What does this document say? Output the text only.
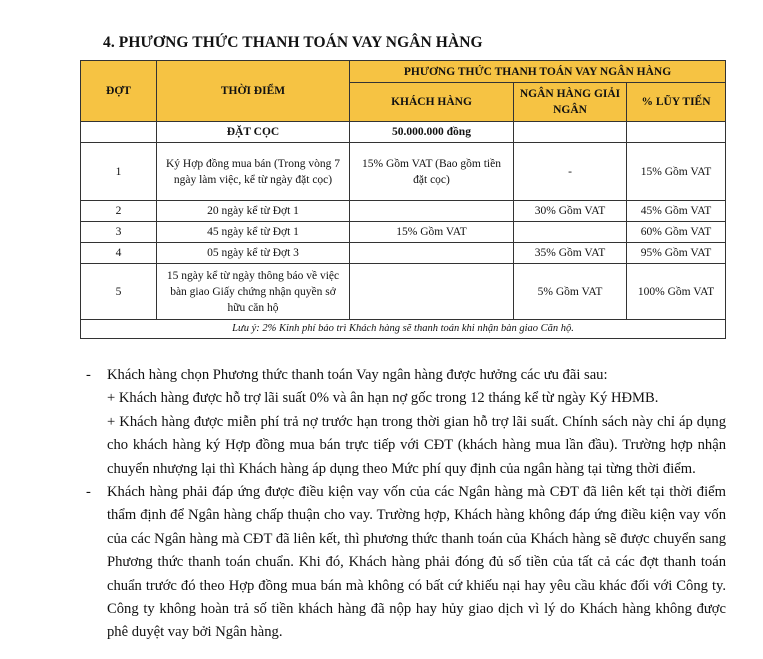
4. PHƯƠNG THỨC THANH TOÁN VAY NGÂN HÀNG
ĐỢT	THỜI ĐIỂM	PHƯƠNG THỨC THANH TOÁN VAY NGÂN HÀNG		
		KHÁCH HÀNG	NGÂN HÀNG GIẢI NGÂN	% LŨY TIẾN
	ĐẶT CỌC	50.000.000 đồng		
1	Ký Hợp đồng mua bán (Trong vòng 7 ngày làm việc, kể từ ngày đặt cọc)	15% Gồm VAT (Bao gồm tiền đặt cọc)	-	15% Gồm VAT
2	20 ngày kể từ Đợt 1		30% Gồm VAT	45% Gồm VAT
3	45 ngày kể từ Đợt 1	15% Gồm VAT		60% Gồm VAT
4	05 ngày kể từ Đợt 3		35% Gồm VAT	95% Gồm VAT
5	15 ngày kể từ ngày thông báo về việc bàn giao Giấy chứng nhận quyền sở hữu căn hộ		5% Gồm VAT	100% Gồm VAT
Lưu ý: 2% Kinh phí bảo trì Khách hàng sẽ thanh toán khi nhận bàn giao Căn hộ.				
- Khách hàng chọn Phương thức thanh toán Vay ngân hàng được hưởng các ưu đãi sau:

+ Khách hàng được hỗ trợ lãi suất 0% và ân hạn nợ gốc trong 12 tháng kể từ ngày Ký HĐMB.

+ Khách hàng được miễn phí trả nợ trước hạn trong thời gian hỗ trợ lãi suất. Chính sách này chỉ áp dụng cho khách hàng ký Hợp đồng mua bán trực tiếp với CĐT (khách hàng mua lần đầu). Trường hợp nhận chuyển nhượng lại thì Khách hàng áp dụng theo Mức phí quy định của ngân hàng tại từng thời điểm.

- Khách hàng phải đáp ứng được điều kiện vay vốn của các Ngân hàng mà CĐT đã liên kết tại thời điểm thẩm định để Ngân hàng chấp thuận cho vay. Trường hợp, Khách hàng không đáp ứng điều kiện vay vốn của các Ngân hàng mà CĐT đã liên kết, thì phương thức thanh toán của Khách hàng sẽ được chuyển sang Phương thức thanh toán chuẩn. Khi đó, Khách hàng phải đóng đủ số tiền của tất cả các đợt thanh toán chuẩn trước đó theo Hợp đồng mua bán mà không có bất cứ khiếu nại hay yêu cầu khác đối với Công ty. Công ty không hoàn trả số tiền khách hàng đã nộp hay hủy giao dịch vì lý do Khách hàng không được phê duyệt vay bởi Ngân hàng.
